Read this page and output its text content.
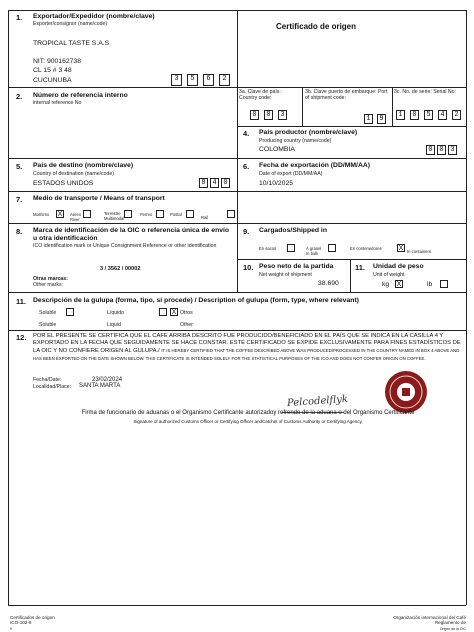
1. Exportador/Expedidor (nombre/clave)
Exporter/consignor (name/code)
TROPICAL TASTE S.A.S
NIT: 900162738
CL 15 # 3 48
CUCUNUBA	3	5	6	2
Certificado de origen
2. Número de referencia interno
internal reference No
3a. Clave de país: Country code:
0	0	3
3b. Clave puerto de embarque: Port of shipment code:
1	9
3c. No. de serie: Serial No:
1	0	5	4	2
4. País productor (nombre/clave)
Producing country (name/code)
COLOMBIA	0 0 3
5. País de destino (nombre/clave)
Country of destination (name/code)
ESTADOS UNIDOS	8 4 0
6. Fecha de exportación (DD/MM/AA)
Date of export (DD/MM/AA)
10/10/2025
7. Medio de transporte / Means of transport
Marítimo X	Aéreo
River
Terrestre
Multimodal
Ferreo	Postal
Rail
8. Marca de identificación de la OIC o referencia única de envío u otra identificación
ICO identification mark or Unique Consignment Reference or other identification
3 / 3562 / 00002
Otras marcas:
Other marks:
9. Cargados/Shipped in
En sacos	A granel
In bulk
En contenedores X In containers
10. Peso neto de la partida
Net weight of shipment
38.690
11. Unidad de peso
Unit of weight
kg X	lb
11. Descripción de la gulupa (forma, tipo, si procede) / Description of gulupa (form, type, where relevant)
Soluble
Soluble
Líquido
Liquid
X Otros
Other
12. POR EL PRESENTE SE CERTIFICA QUE EL CAFE ARRIBA DESCRITO FUE PRODUCIDO/BENEFICIADO EN EL PAÍS QUE SE INDICA EN LA CASILLA 4 Y EXPORTADO EN LA FECHA QUE SEGUIDAMENTE SE HACE CONSTAR. ESTE CERTIFICADO SE EXPIDE EXCLUSIVAMENTE PARA FINES ESTADÍSTICOS DE LA OIC Y NO CONFIERE ORIGEN AL GULUPA./ IT IS HEREBY CERTIFIED THAT THE COFFEE DESCRIBED ABOVE WAS PRODUCED/PROCESSED IN THE COUNTRY NAMED IN BOX 4 ABOVE AND HAS BEEN EXPORTED ON THE DATE SHOWN BELOW. THIS CERTIFICATE IS INTENDED SOLELY FOR THE STATISTICAL PURPOSES OF THE ICO AND DOES NOT CONFER ORIGIN ON COFFEE.
Fecha/Date:	23/02/2024
Localidad/Place:	SANTA MARTA
Pelcodelflyk
Firma de funcionario de aduanas o el Organismo Certificante autorizadoy refrendo de la aduana o del Organismo Certificante
Signature of authorized Customs Officer or Certifying Officer andCatchet of Customs Authority or Certifying Agency.
Certificados de origen ICO-102-9
5
Organización internacional del Café Reglamento de
Origen de la OIC
